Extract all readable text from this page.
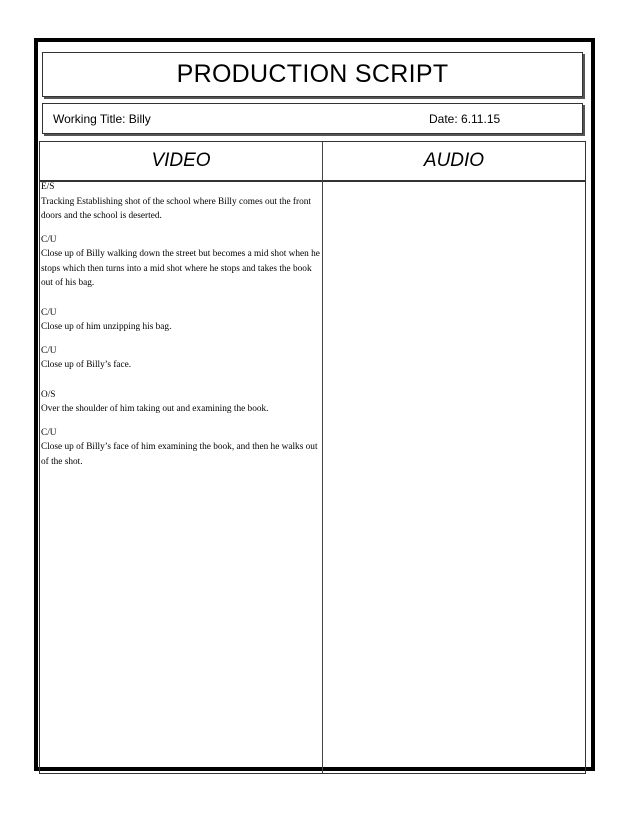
PRODUCTION SCRIPT
Working Title: Billy	Date: 6.11.15
VIDEO	AUDIO
E/S
Tracking Establishing shot of the school where Billy comes out the front doors and the school is deserted.
C/U
Close up of Billy walking down the street but becomes a mid shot when he stops which then turns into a mid shot where he stops and takes the book out of his bag.
C/U
Close up of him unzipping his bag.
C/U
Close up of Billy’s face.
O/S
Over the shoulder of him taking out and examining the book.
C/U
Close up of Billy’s face of him examining the book, and then he walks out of the shot.
